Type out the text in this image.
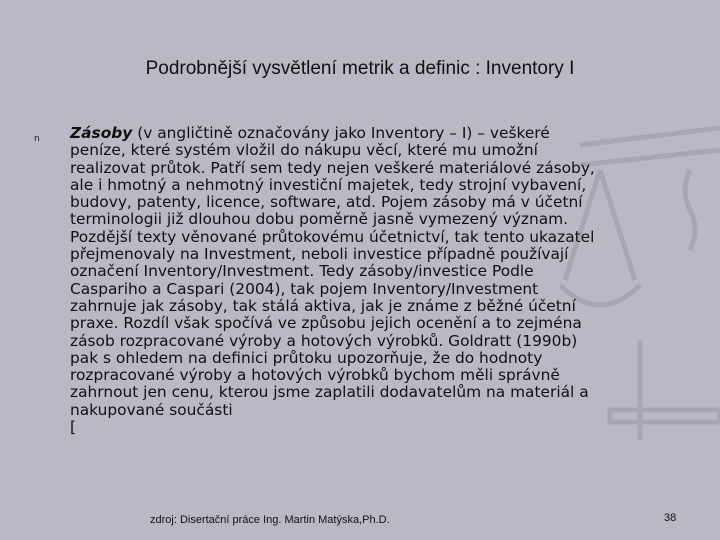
Podrobnější vysvětlení metrik a definic : Inventory I
n Zásoby (v angličtině označovány jako Inventory – I) – veškeré
peníze, které systém vložil do nákupu věcí, které mu umožní
realizovat průtok. Patří sem tedy nejen veškeré materiálové zásoby,
ale i hmotný a nehmotný investiční majetek, tedy strojní vybavení,
budovy, patenty, licence, software, atd. Pojem zásoby má v účetní
terminologii již dlouhou dobu poměrně jasně vymezený význam.
Pozdější texty věnované průtokovému účetnictví, tak tento ukazatel
přejmenovaly na Investment, neboli investice případně používají
označení Inventory/Investment. Tedy zásoby/investice Podle
Caspariho a Caspari (2004), tak pojem Inventory/Investment
zahrnuje jak zásoby, tak stálá aktiva, jak je známe z běžné účetní
praxe. Rozdíl však spočívá ve způsobu jejich ocenění a to zejména
zásob rozpracované výroby a hotových výrobků. Goldratt (1990b)
pak s ohledem na definici průtoku upozorňuje, že do hodnoty
rozpracované výroby a hotových výrobků bychom měli správně
zahrnout jen cenu, kterou jsme zaplatili dodavatelům na materiál a
nakupované součásti
[
zdroj: Disertační práce Ing. Martin Matýska,Ph.D.	38
